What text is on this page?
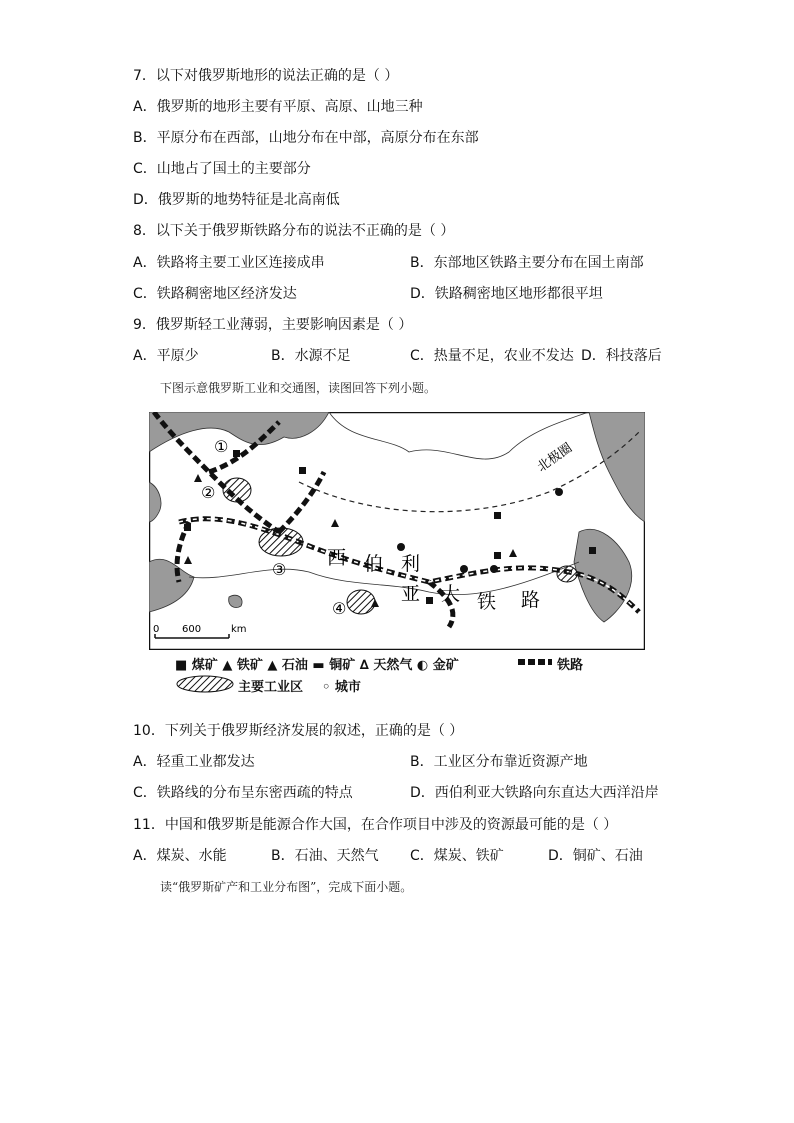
7．以下对俄罗斯地形的说法正确的是（ ）
A．俄罗斯的地形主要有平原、高原、山地三种
B．平原分布在西部，山地分布在中部，高原分布在东部
C．山地占了国土的主要部分
D．俄罗斯的地势特征是北高南低
8．以下关于俄罗斯铁路分布的说法不正确的是（ ）
A．铁路将主要工业区连接成串	B．东部地区铁路主要分布在国土南部
C．铁路稠密地区经济发达	D．铁路稠密地区地形都很平坦
9．俄罗斯轻工业薄弱，主要影响因素是（ ）
A．平原少	B．水源不足	C．热量不足，农业不发达 D．科技落后
下图示意俄罗斯工业和交通图，读图回答下列小题。
①
②
③
④
北极圈
西 伯 利
亚 大 铁 路
0 600	km
■ 煤矿 ▲ 铁矿 ▲ 石油 ▬ 铜矿 ∆ 天然气 ◐ 金矿	铁路
主要工业区 ◦ 城市
10．下列关于俄罗斯经济发展的叙述，正确的是（ ）
A．轻重工业都发达	B．工业区分布靠近资源产地
C．铁路线的分布呈东密西疏的特点	D．西伯利亚大铁路向东直达大西洋沿岸
11．中国和俄罗斯是能源合作大国，在合作项目中涉及的资源最可能的是（ ）
A．煤炭、水能	B．石油、天然气 C．煤炭、铁矿	D．铜矿、石油
读“俄罗斯矿产和工业分布图”，完成下面小题。
